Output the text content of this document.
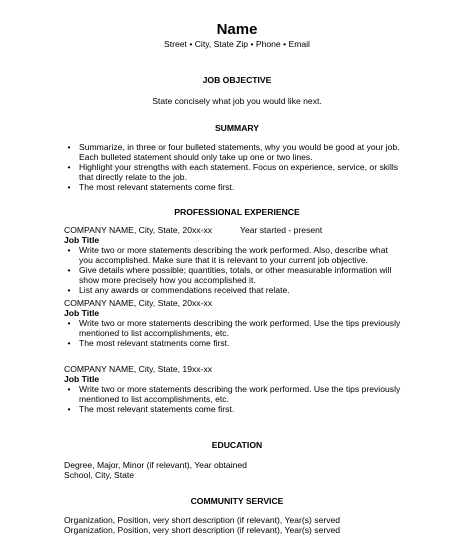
Name
Street • City, State Zip • Phone • Email
JOB OBJECTIVE
State concisely what job you would like next.
SUMMARY
• Summarize, in three or four bulleted statements, why you would be good at your job.
Each bulleted statement should only take up one or two lines.
• Highlight your strengths with each statement. Focus on experience, service, or skills
that directly relate to the job.
• The most relevant statements come first.
PROFESSIONAL EXPERIENCE
COMPANY NAME, City, State, 20xx-xx	Year started - present
Job Title
• Write two or more statements describing the work performed. Also, describe what
you accomplished. Make sure that it is relevant to your current job objective.
• Give details where possible; quantities, totals, or other measurable information will
show more precisely how you accomplished it.
• List any awards or commendations received that relate.
COMPANY NAME, City, State, 20xx-xx
Job Title
• Write two or more statements describing the work performed. Use the tips previously
mentioned to list accomplishments, etc.
• The most relevant statments come first.
COMPANY NAME, City, State, 19xx-xx
Job Title
• Write two or more statements describing the work performed. Use the tips previously
mentioned to list accomplishments, etc.
• The most relevant statements come first.
EDUCATION
Degree, Major, Minor (if relevant), Year obtained
School, City, State
COMMUNITY SERVICE
Organization, Position, very short description (if relevant), Year(s) served
Organization, Position, very short description (if relevant), Year(s) served
